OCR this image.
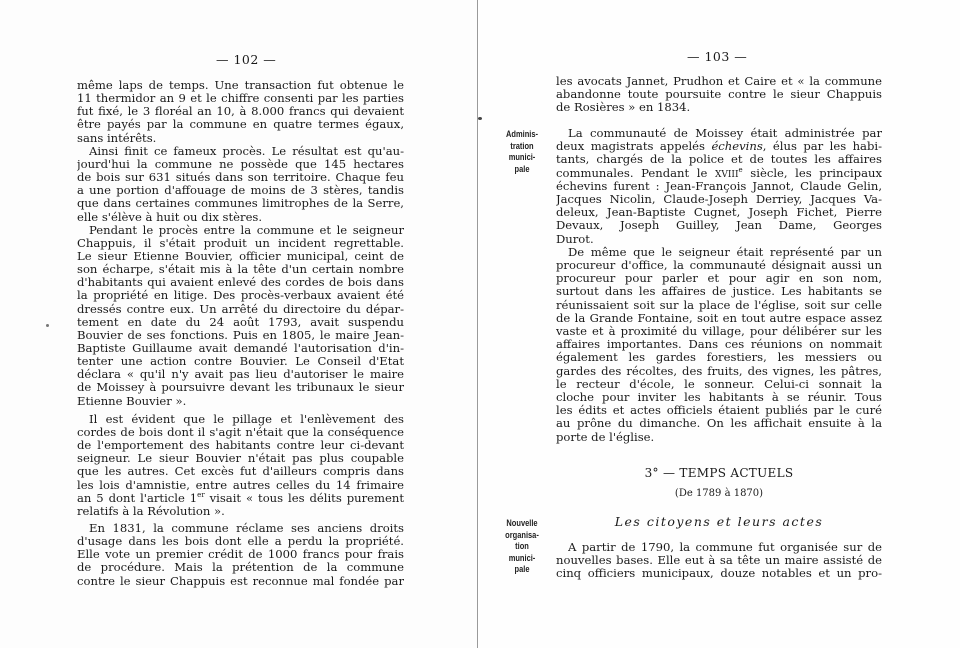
— 102 —
même laps de temps. Une transaction fut obtenue le
11 thermidor an 9 et le chiffre consenti par les parties
fut fixé, le 3 floréal an 10, à 8.000 francs qui devaient
être payés par la commune en quatre termes égaux,
sans intérêts.
Ainsi finit ce fameux procès. Le résultat est qu'au-
jourd'hui la commune ne possède que 145 hectares
de bois sur 631 situés dans son territoire. Chaque feu
a une portion d'affouage de moins de 3 stères, tandis
que dans certaines communes limitrophes de la Serre,
elle s'élève à huit ou dix stères.
Pendant le procès entre la commune et le seigneur
Chappuis, il s'était produit un incident regrettable.
Le sieur Etienne Bouvier, officier municipal, ceint de
son écharpe, s'était mis à la tête d'un certain nombre
d'habitants qui avaient enlevé des cordes de bois dans
la propriété en litige. Des procès-verbaux avaient été
dressés contre eux. Un arrêté du directoire du dépar-
tement en date du 24 août 1793, avait suspendu
Bouvier de ses fonctions. Puis en 1805, le maire Jean-
Baptiste Guillaume avait demandé l'autorisation d'in-
tenter une action contre Bouvier. Le Conseil d'Etat
déclara « qu'il n'y avait pas lieu d'autoriser le maire
de Moissey à poursuivre devant les tribunaux le sieur
Etienne Bouvier ».
Il est évident que le pillage et l'enlèvement des
cordes de bois dont il s'agit n'était que la conséquence
de l'emportement des habitants contre leur ci-devant
seigneur. Le sieur Bouvier n'était pas plus coupable
que les autres. Cet excès fut d'ailleurs compris dans
les lois d'amnistie, entre autres celles du 14 frimaire
an 5 dont l'article 1er visait « tous les délits purement
relatifs à la Révolution ».
En 1831, la commune réclame ses anciens droits
d'usage dans les bois dont elle a perdu la propriété.
Elle vote un premier crédit de 1000 francs pour frais
de procédure. Mais la prétention de la commune
contre le sieur Chappuis est reconnue mal fondée par
— 103 —
les avocats Jannet, Prudhon et Caire et « la commune
abandonne toute poursuite contre le sieur Chappuis
de Rosières » en 1834.
La communauté de Moissey était administrée par
deux magistrats appelés échevins, élus par les habi-
tants, chargés de la police et de toutes les affaires
communales. Pendant le XVIIIe siècle, les principaux
échevins furent : Jean-François Jannot, Claude Gelin,
Jacques Nicolin, Claude-Joseph Derriey, Jacques Va-
deleux, Jean-Baptiste Cugnet, Joseph Fichet, Pierre
Devaux, Joseph Guilley, Jean Dame, Georges
Durot.
De même que le seigneur était représenté par un
procureur d'office, la communauté désignait aussi un
procureur pour parler et pour agir en son nom,
surtout dans les affaires de justice. Les habitants se
réunissaient soit sur la place de l'église, soit sur celle
de la Grande Fontaine, soit en tout autre espace assez
vaste et à proximité du village, pour délibérer sur les
affaires importantes. Dans ces réunions on nommait
également les gardes forestiers, les messiers ou
gardes des récoltes, des fruits, des vignes, les pâtres,
le recteur d'école, le sonneur. Celui-ci sonnait la
cloche pour inviter les habitants à se réunir. Tous
les édits et actes officiels étaient publiés par le curé
au prône du dimanche. On les affichait ensuite à la
porte de l'église.
A partir de 1790, la commune fut organisée sur de
nouvelles bases. Elle eut à sa tête un maire assisté de
cinq officiers municipaux, douze notables et un pro-
Adminis-
tration
munici-
pale
Nouvelle
organisa-
tion
munici-
pale
3° — TEMPS ACTUELS
(De 1789 à 1870)
Les citoyens et leurs actes
